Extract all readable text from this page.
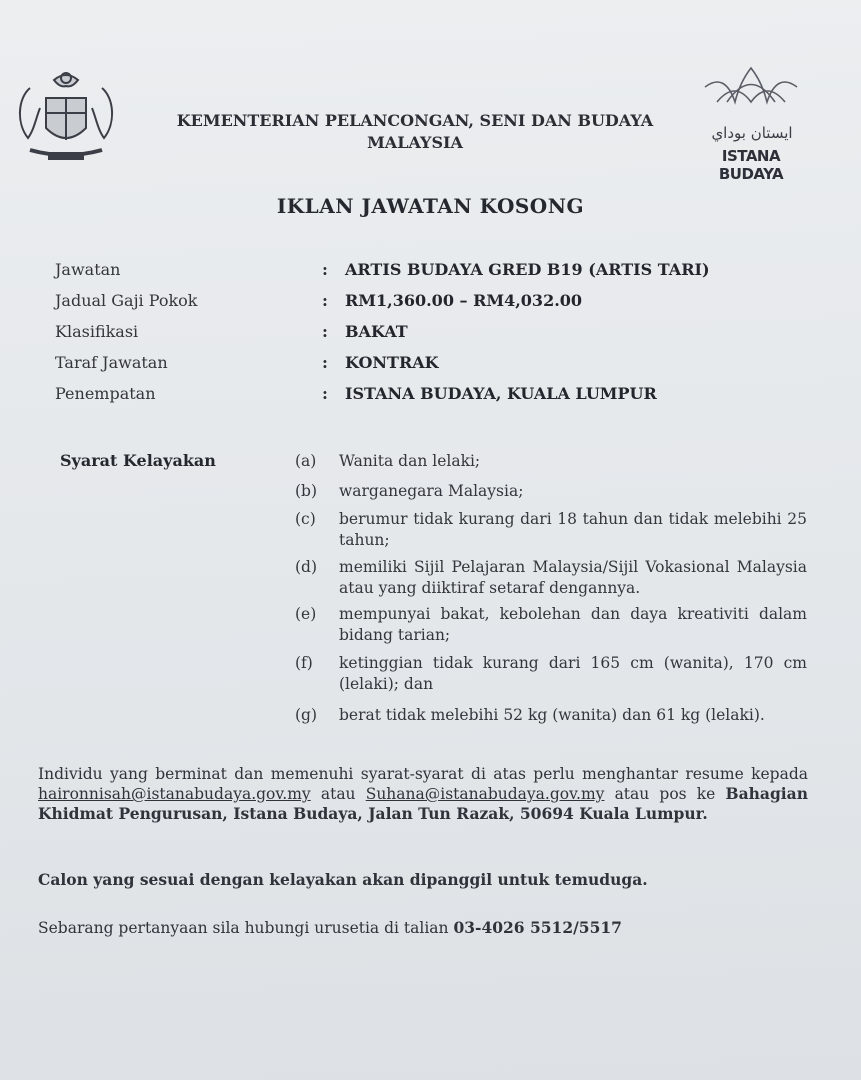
ايستان بوداي
ISTANA BUDAYA
KEMENTERIAN PELANCONGAN, SENI DAN BUDAYA
MALAYSIA
IKLAN JAWATAN KOSONG
Jawatan	: ARTIS BUDAYA GRED B19 (ARTIS TARI)
Jadual Gaji Pokok	: RM1,360.00 – RM4,032.00
Klasifikasi	: BAKAT
Taraf Jawatan	: KONTRAK
Penempatan	: ISTANA BUDAYA, KUALA LUMPUR
Syarat Kelayakan	(a)	Wanita dan lelaki;
(b)	warganegara Malaysia;
(c)	berumur tidak kurang dari 18 tahun dan tidak melebihi 25 tahun;
(d)	memiliki Sijil Pelajaran Malaysia/Sijil Vokasional Malaysia atau yang diiktiraf setaraf dengannya.
(e)	mempunyai bakat, kebolehan dan daya kreativiti dalam bidang tarian;
(f)	ketinggian tidak kurang dari 165 cm (wanita), 170 cm (lelaki); dan
(g)	berat tidak melebihi 52 kg (wanita) dan 61 kg (lelaki).
Individu yang berminat dan memenuhi syarat-syarat di atas perlu menghantar resume kepada haironnisah@istanabudaya.gov.my atau Suhana@istanabudaya.gov.my atau pos ke Bahagian Khidmat Pengurusan, Istana Budaya, Jalan Tun Razak, 50694 Kuala Lumpur.
Calon yang sesuai dengan kelayakan akan dipanggil untuk temuduga.
Sebarang pertanyaan sila hubungi urusetia di talian 03-4026 5512/5517
